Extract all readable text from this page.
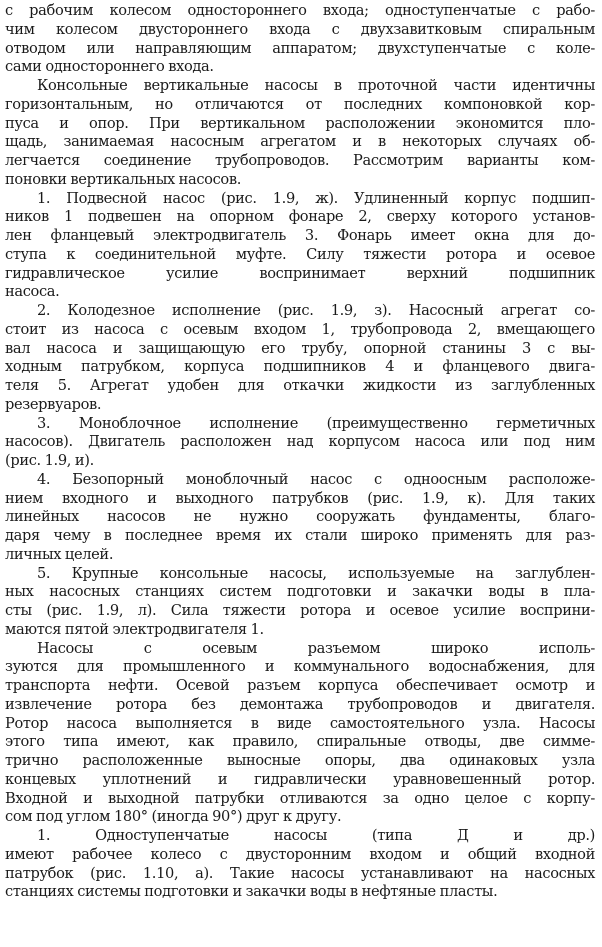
с рабочим колесом одностороннего входа; одноступенчатые с рабо-
чим колесом двустороннего входа с двухзавитковым спиральным
отводом или направляющим аппаратом; двухступенчатые с коле-
сами одностороннего входа.
Консольные вертикальные насосы в проточной части идентичны
горизонтальным, но отличаются от последних компоновкой кор-
пуса и опор. При вертикальном расположении экономится пло-
щадь, занимаемая насосным агрегатом и в некоторых случаях об-
легчается соединение трубопроводов. Рассмотрим варианты ком-
поновки вертикальных насосов.
1. Подвесной насос (рис. 1.9, ж). Удлиненный корпус подшип-
ников 1 подвешен на опорном фонаре 2, сверху которого установ-
лен фланцевый электродвигатель 3. Фонарь имеет окна для до-
ступа к соединительной муфте. Силу тяжести ротора и осевое
гидравлическое усилие воспринимает верхний подшипник
насоса.
2. Колодезное исполнение (рис. 1.9, з). Насосный агрегат со-
стоит из насоса с осевым входом 1, трубопровода 2, вмещающего
вал насоса и защищающую его трубу, опорной станины 3 с вы-
ходным патрубком, корпуса подшипников 4 и фланцевого двига-
теля 5. Агрегат удобен для откачки жидкости из заглубленных
резервуаров.
3. Моноблочное исполнение (преимущественно герметичных
насосов). Двигатель расположен над корпусом насоса или под ним
(рис. 1.9, и).
4. Безопорный моноблочный насос с одноосным расположе-
нием входного и выходного патрубков (рис. 1.9, к). Для таких
линейных насосов не нужно сооружать фундаменты, благо-
даря чему в последнее время их стали широко применять для раз-
личных целей.
5. Крупные консольные насосы, используемые на заглублен-
ных насосных станциях систем подготовки и закачки воды в пла-
сты (рис. 1.9, л). Сила тяжести ротора и осевое усилие восприни-
маются пятой электродвигателя 1.
Насосы с осевым разъемом широко исполь-
зуются для промышленного и коммунального водоснабжения, для
транспорта нефти. Осевой разъем корпуса обеспечивает осмотр и
извлечение ротора без демонтажа трубопроводов и двигателя.
Ротор насоса выполняется в виде самостоятельного узла. Насосы
этого типа имеют, как правило, спиральные отводы, две симме-
трично расположенные выносные опоры, два одинаковых узла
концевых уплотнений и гидравлически уравновешенный ротор.
Входной и выходной патрубки отливаются за одно целое с корпу-
сом под углом 180° (иногда 90°) друг к другу.
1. Одноступенчатые насосы (типа Д и др.)
имеют рабочее колесо с двусторонним входом и общий входной
патрубок (рис. 1.10, а). Такие насосы устанавливают на насосных
станциях системы подготовки и закачки воды в нефтяные пласты.
